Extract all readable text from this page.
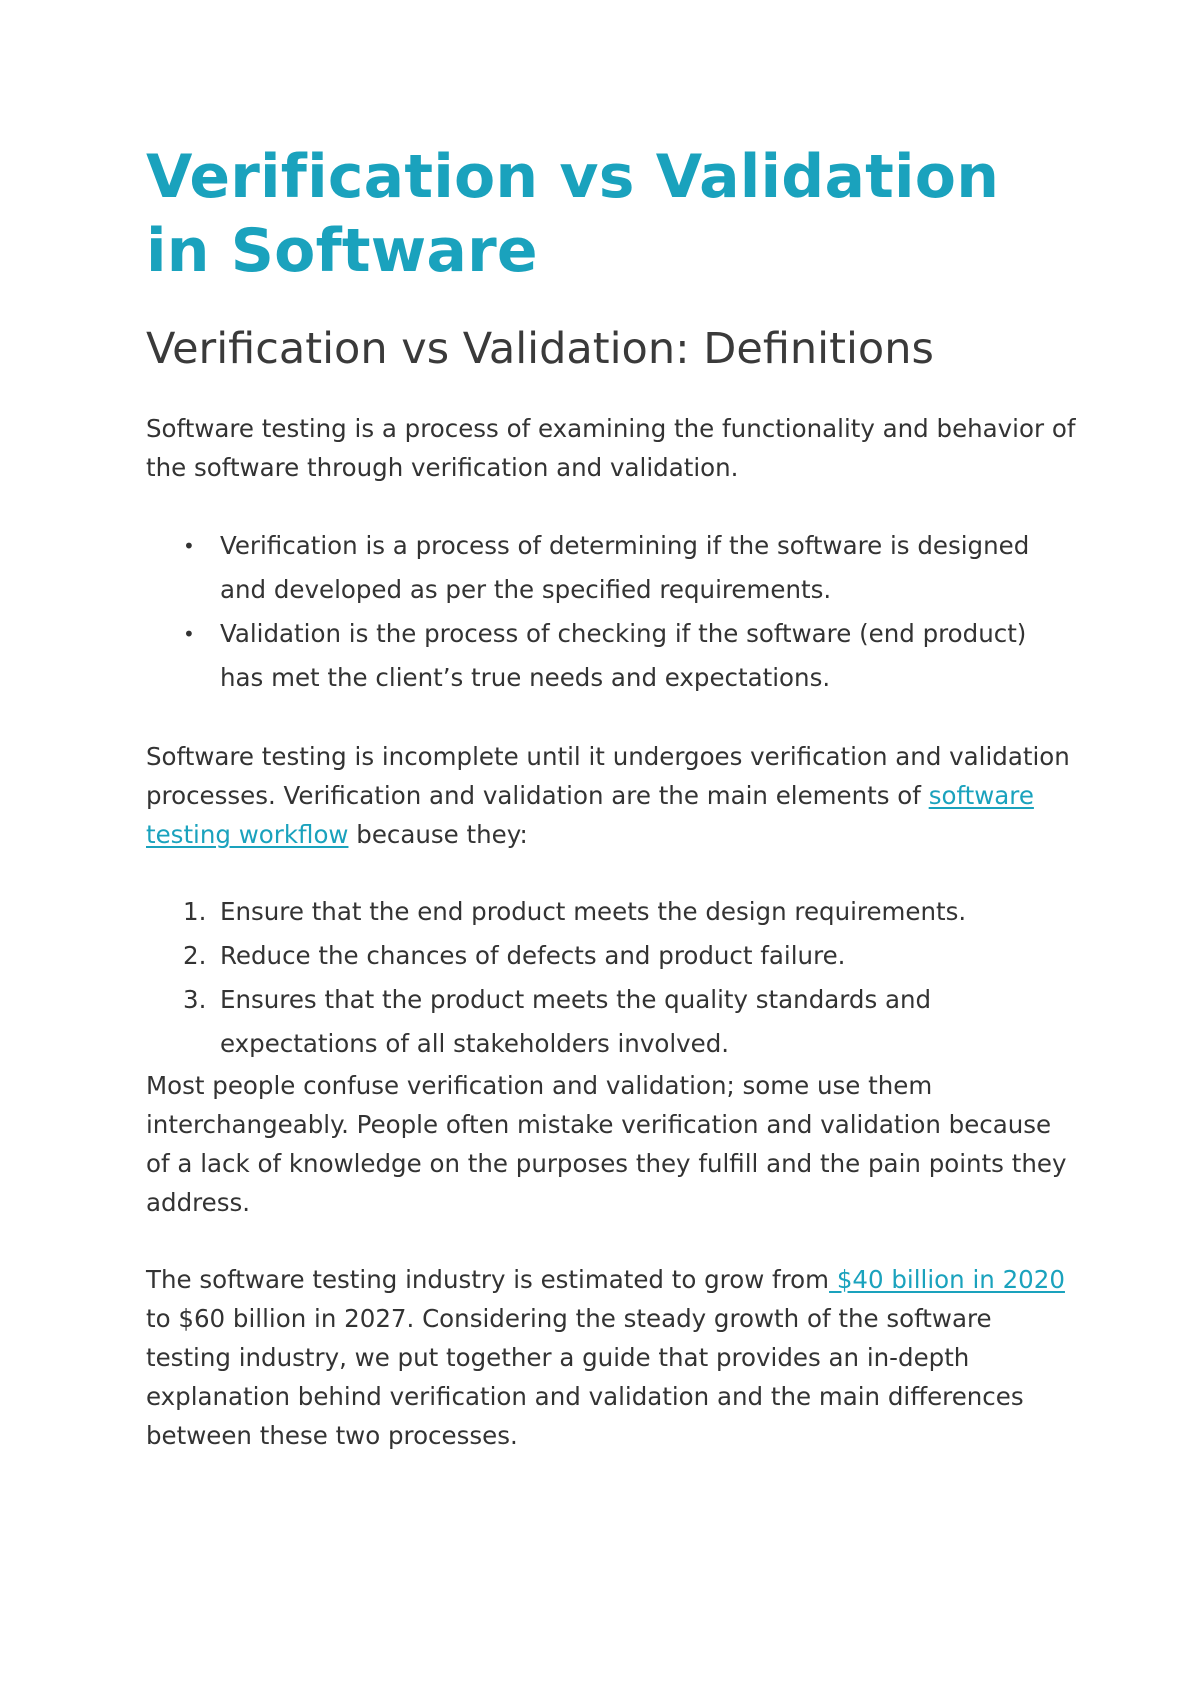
Verification vs Validation in Software
Verification vs Validation: Definitions

Software testing is a process of examining the functionality and behavior of the software through verification and validation.

• Verification is a process of determining if the software is designed and developed as per the specified requirements.
• Validation is the process of checking if the software (end product) has met the client’s true needs and expectations.

Software testing is incomplete until it undergoes verification and validation processes. Verification and validation are the main elements of software testing workflow because they:

1. Ensure that the end product meets the design requirements.
2. Reduce the chances of defects and product failure.
3. Ensures that the product meets the quality standards and expectations of all stakeholders involved.

Most people confuse verification and validation; some use them interchangeably. People often mistake verification and validation because of a lack of knowledge on the purposes they fulfill and the pain points they address.

The software testing industry is estimated to grow from $40 billion in 2020 to $60 billion in 2027. Considering the steady growth of the software testing industry, we put together a guide that provides an in-depth explanation behind verification and validation and the main differences between these two processes.
